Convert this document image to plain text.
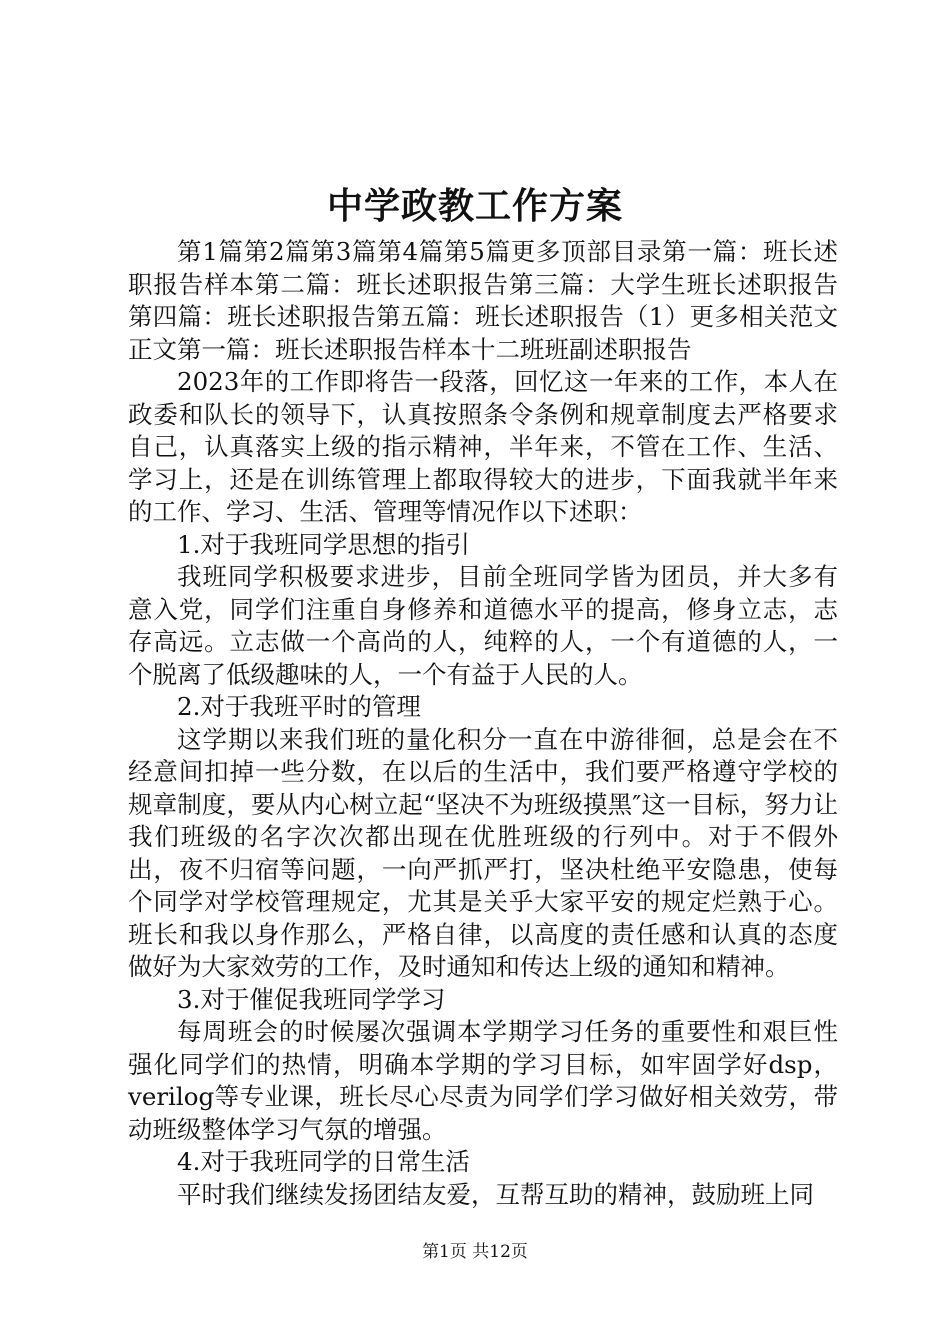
中学政教工作方案

第1篇第2篇第3篇第4篇第5篇更多顶部目录第一篇：班长述职报告样本第二篇：班长述职报告第三篇：大学生班长述职报告第四篇：班长述职报告第五篇：班长述职报告（1）更多相关范文正文第一篇：班长述职报告样本十二班班副述职报告

2023年的工作即将告一段落，回忆这一年来的工作，本人在政委和队长的领导下，认真按照条令条例和规章制度去严格要求自己，认真落实上级的指示精神，半年来，不管在工作、生活、学习上，还是在训练管理上都取得较大的进步，下面我就半年来的工作、学习、生活、管理等情况作以下述职：

1.对于我班同学思想的指引

我班同学积极要求进步，目前全班同学皆为团员，并大多有意入党，同学们注重自身修养和道德水平的提高，修身立志，志存高远。立志做一个高尚的人，纯粹的人，一个有道德的人，一个脱离了低级趣味的人，一个有益于人民的人。

2.对于我班平时的管理

这学期以来我们班的量化积分一直在中游徘徊，总是会在不经意间扣掉一些分数，在以后的生活中，我们要严格遵守学校的规章制度，要从内心树立起“坚决不为班级摸黑″这一目标，努力让我们班级的名字次次都出现在优胜班级的行列中。对于不假外出，夜不归宿等问题，一向严抓严打，坚决杜绝平安隐患，使每个同学对学校管理规定，尤其是关乎大家平安的规定烂熟于心。班长和我以身作那么，严格自律，以高度的责任感和认真的态度做好为大家效劳的工作，及时通知和传达上级的通知和精神。

3.对于催促我班同学学习

每周班会的时候屡次强调本学期学习任务的重要性和艰巨性强化同学们的热情，明确本学期的学习目标，如牢固学好dsp，verilog等专业课，班长尽心尽责为同学们学习做好相关效劳，带动班级整体学习气氛的增强。

4.对于我班同学的日常生活

平时我们继续发扬团结友爱，互帮互助的精神，鼓励班上同

第1页 共12页
